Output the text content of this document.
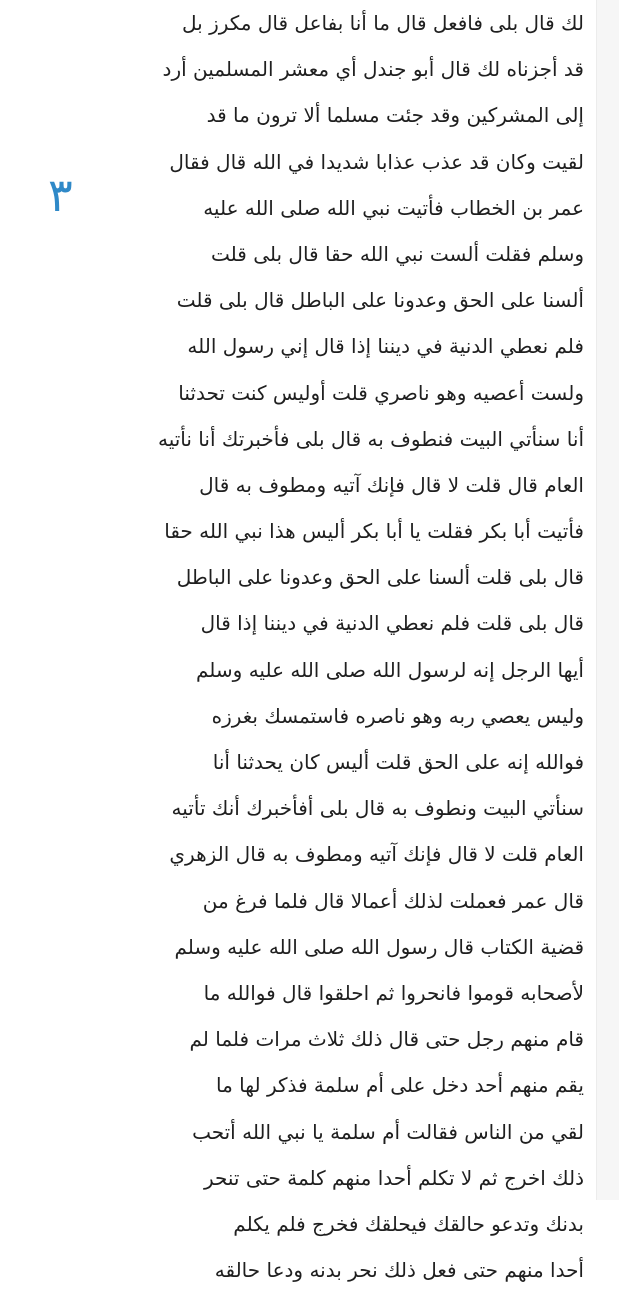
لك قال بلى فافعل قال ما أنا بفاعل قال مكرز بل
قد أجزناه لك قال أبو جندل أي معشر المسلمين أرد
إلى المشركين وقد جئت مسلما ألا ترون ما قد
لقيت وكان قد عذب عذابا شديدا في الله قال فقال
عمر بن الخطاب فأتيت نبي الله صلى الله عليه
وسلم فقلت ألست نبي الله حقا قال بلى قلت
ألسنا على الحق وعدونا على الباطل قال بلى قلت
فلم نعطي الدنية في ديننا إذا قال إني رسول الله
ولست أعصيه وهو ناصري قلت أوليس كنت تحدثنا
أنا سنأتي البيت فنطوف به قال بلى فأخبرتك أنا نأتيه
العام قال قلت لا قال فإنك آتيه ومطوف به قال
فأتيت أبا بكر فقلت يا أبا بكر أليس هذا نبي الله حقا
قال بلى قلت ألسنا على الحق وعدونا على الباطل
قال بلى قلت فلم نعطي الدنية في ديننا إذا قال
أيها الرجل إنه لرسول الله صلى الله عليه وسلم
وليس يعصي ربه وهو ناصره فاستمسك بغرزه
فوالله إنه على الحق قلت أليس كان يحدثنا أنا
سنأتي البيت ونطوف به قال بلى أفأخبرك أنك تأتيه
العام قلت لا قال فإنك آتيه ومطوف به قال الزهري
قال عمر فعملت لذلك أعمالا قال فلما فرغ من
قضية الكتاب قال رسول الله صلى الله عليه وسلم
لأصحابه قوموا فانحروا ثم احلقوا قال فوالله ما
قام منهم رجل حتى قال ذلك ثلاث مرات فلما لم
يقم منهم أحد دخل على أم سلمة فذكر لها ما
لقي من الناس فقالت أم سلمة يا نبي الله أتحب
ذلك اخرج ثم لا تكلم أحدا منهم كلمة حتى تنحر
بدنك وتدعو حالقك فيحلقك فخرج فلم يكلم
أحدا منهم حتى فعل ذلك نحر بدنه ودعا حالقه
٣
